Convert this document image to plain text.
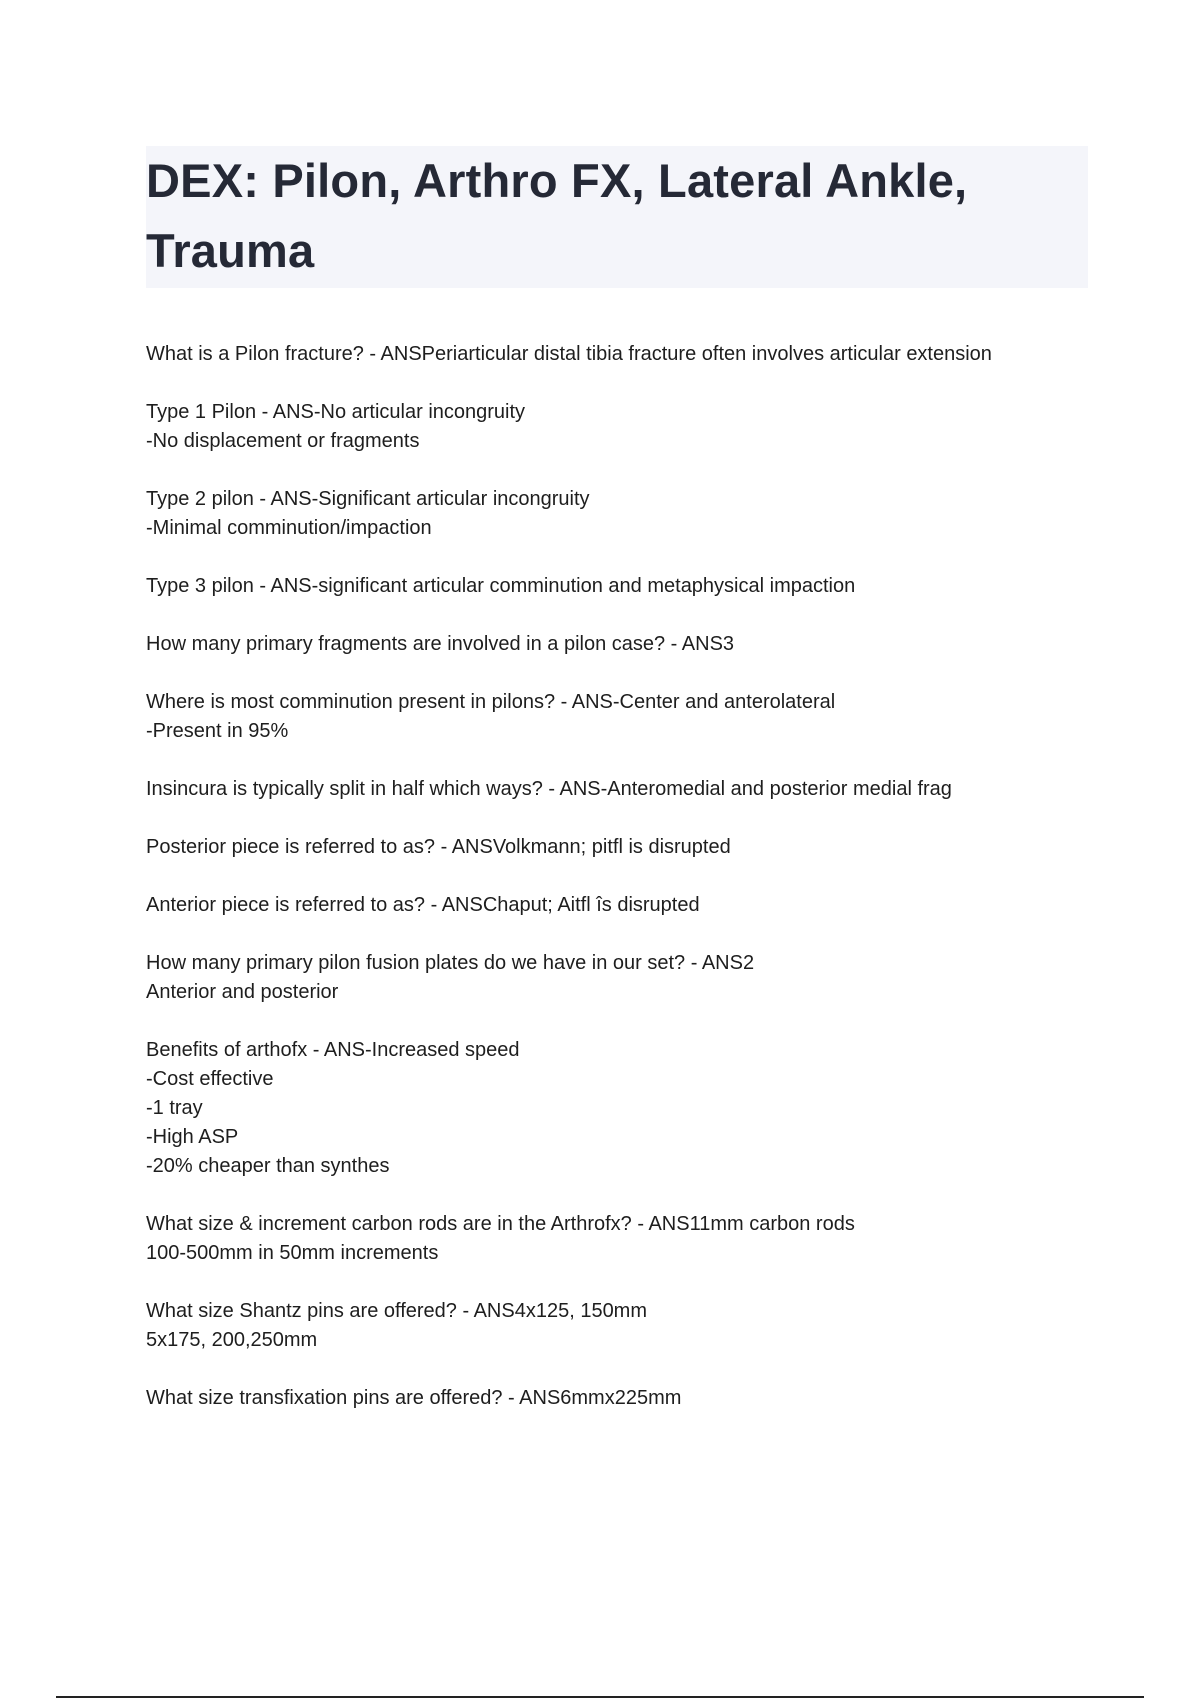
DEX: Pilon, Arthro FX, Lateral Ankle, Trauma

What is a Pilon fracture? - ANSPeriarticular distal tibia fracture often involves articular extension

Type 1 Pilon - ANS-No articular incongruity
-No displacement or fragments

Type 2 pilon - ANS-Significant articular incongruity
-Minimal comminution/impaction

Type 3 pilon - ANS-significant articular comminution and metaphysical impaction

How many primary fragments are involved in a pilon case? - ANS3

Where is most comminution present in pilons? - ANS-Center and anterolateral
-Present in 95%

Insincura is typically split in half which ways? - ANS-Anteromedial and posterior medial frag

Posterior piece is referred to as? - ANSVolkmann; pitfl is disrupted

Anterior piece is referred to as? - ANSChaput; Aitfl îs disrupted

How many primary pilon fusion plates do we have in our set? - ANS2
Anterior and posterior

Benefits of arthofx - ANS-Increased speed
-Cost effective
-1 tray
-High ASP
-20% cheaper than synthes

What size & increment carbon rods are in the Arthrofx? - ANS11mm carbon rods
100-500mm in 50mm increments

What size Shantz pins are offered? - ANS4x125, 150mm
5x175, 200,250mm

What size transfixation pins are offered? - ANS6mmx225mm
